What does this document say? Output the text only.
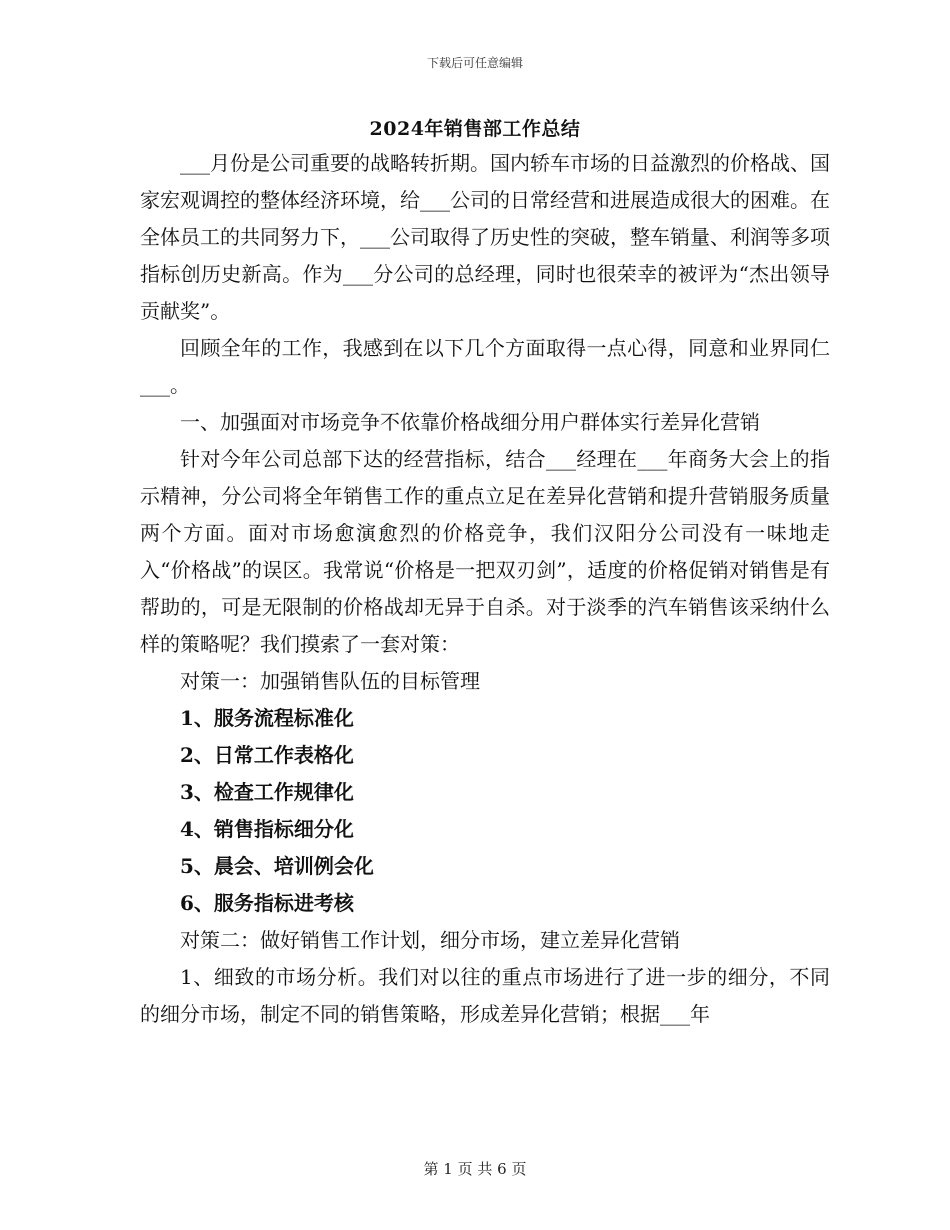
下载后可任意编辑
2024年销售部工作总结

___月份是公司重要的战略转折期。国内轿车市场的日益激烈的价格战、国家宏观调控的整体经济环境，给___公司的日常经营和进展造成很大的困难。在全体员工的共同努力下，___公司取得了历史性的突破，整车销量、利润等多项指标创历史新高。作为___分公司的总经理，同时也很荣幸的被评为“杰出领导贡献奖”。

回顾全年的工作，我感到在以下几个方面取得一点心得，同意和业界同仁___。

一、加强面对市场竞争不依靠价格战细分用户群体实行差异化营销

针对今年公司总部下达的经营指标，结合___经理在___年商务大会上的指示精神，分公司将全年销售工作的重点立足在差异化营销和提升营销服务质量两个方面。面对市场愈演愈烈的价格竞争，我们汉阳分公司没有一味地走入“价格战”的误区。我常说“价格是一把双刃剑”，适度的价格促销对销售是有帮助的，可是无限制的价格战却无异于自杀。对于淡季的汽车销售该采纳什么样的策略呢？我们摸索了一套对策：

对策一：加强销售队伍的目标管理

1、服务流程标准化

2、日常工作表格化

3、检查工作规律化

4、销售指标细分化

5、晨会、培训例会化

6、服务指标进考核

对策二：做好销售工作计划，细分市场，建立差异化营销

1、细致的市场分析。我们对以往的重点市场进行了进一步的细分，不同的细分市场，制定不同的销售策略，形成差异化营销；根据___年

第 1 页 共 6 页
